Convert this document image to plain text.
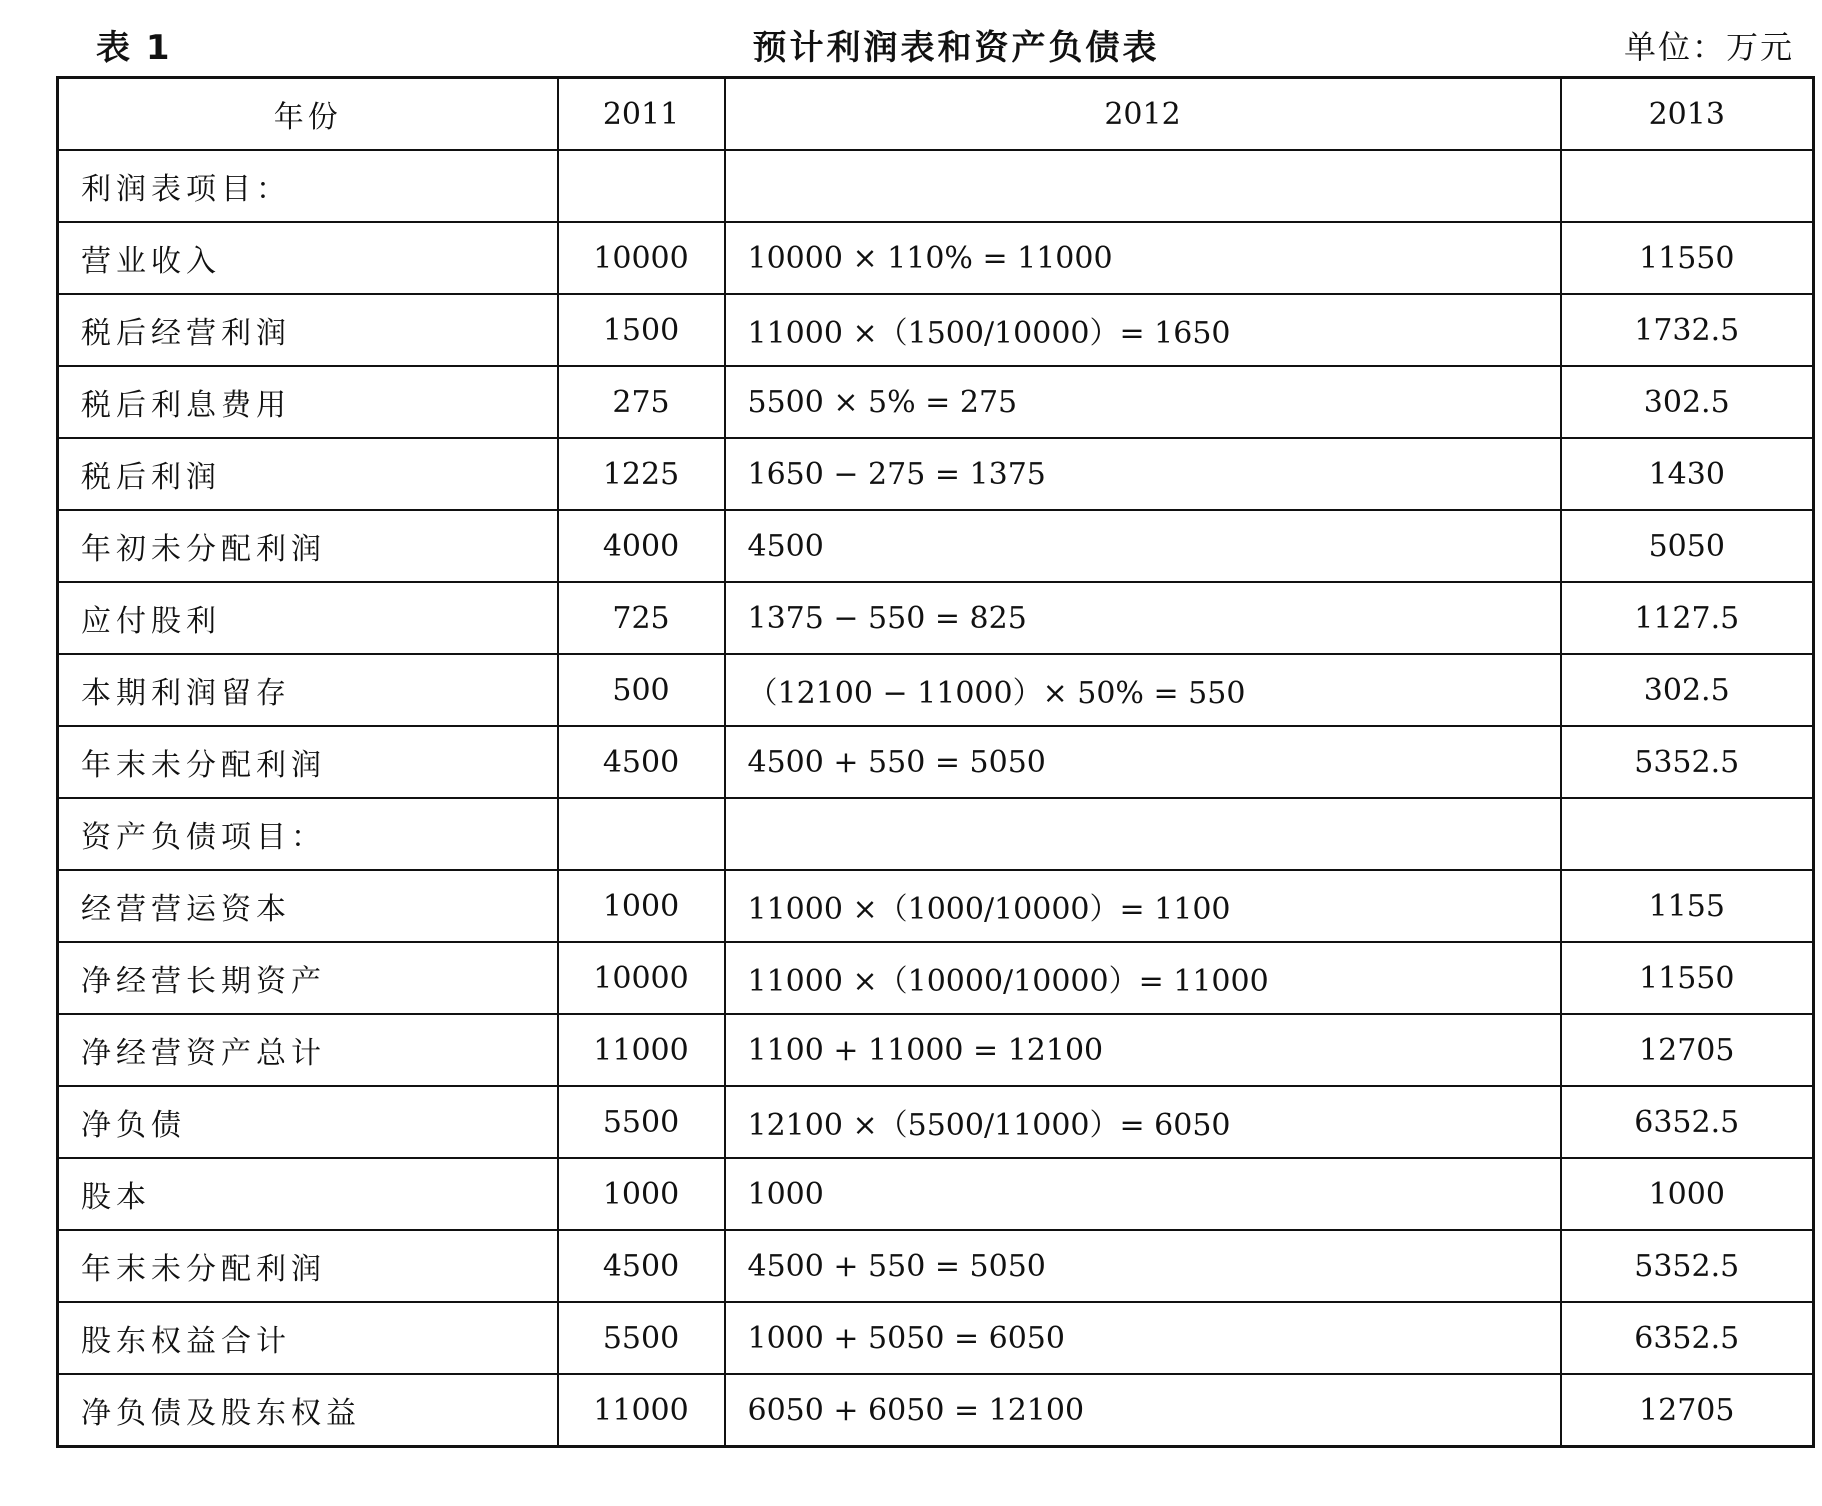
表 1	预计利润表和资产负债表	单位：万元
年份	2011	2012	2013
利润表项目：			
营业收入	10000	10000 × 110% = 11000	11550
税后经营利润	1500	11000 ×（1500/10000）= 1650	1732.5
税后利息费用	275	5500 × 5% = 275	302.5
税后利润	1225	1650 − 275 = 1375	1430
年初未分配利润	4000	4500	5050
应付股利	725	1375 − 550 = 825	1127.5
本期利润留存	500	（12100 − 11000）× 50% = 550	302.5
年末未分配利润	4500	4500 + 550 = 5050	5352.5
资产负债项目：			
经营营运资本	1000	11000 ×（1000/10000）= 1100	1155
净经营长期资产	10000	11000 ×（10000/10000）= 11000	11550
净经营资产总计	11000	1100 + 11000 = 12100	12705
净负债	5500	12100 ×（5500/11000）= 6050	6352.5
股本	1000	1000	1000
年末未分配利润	4500	4500 + 550 = 5050	5352.5
股东权益合计	5500	1000 + 5050 = 6050	6352.5
净负债及股东权益	11000	6050 + 6050 = 12100	12705
